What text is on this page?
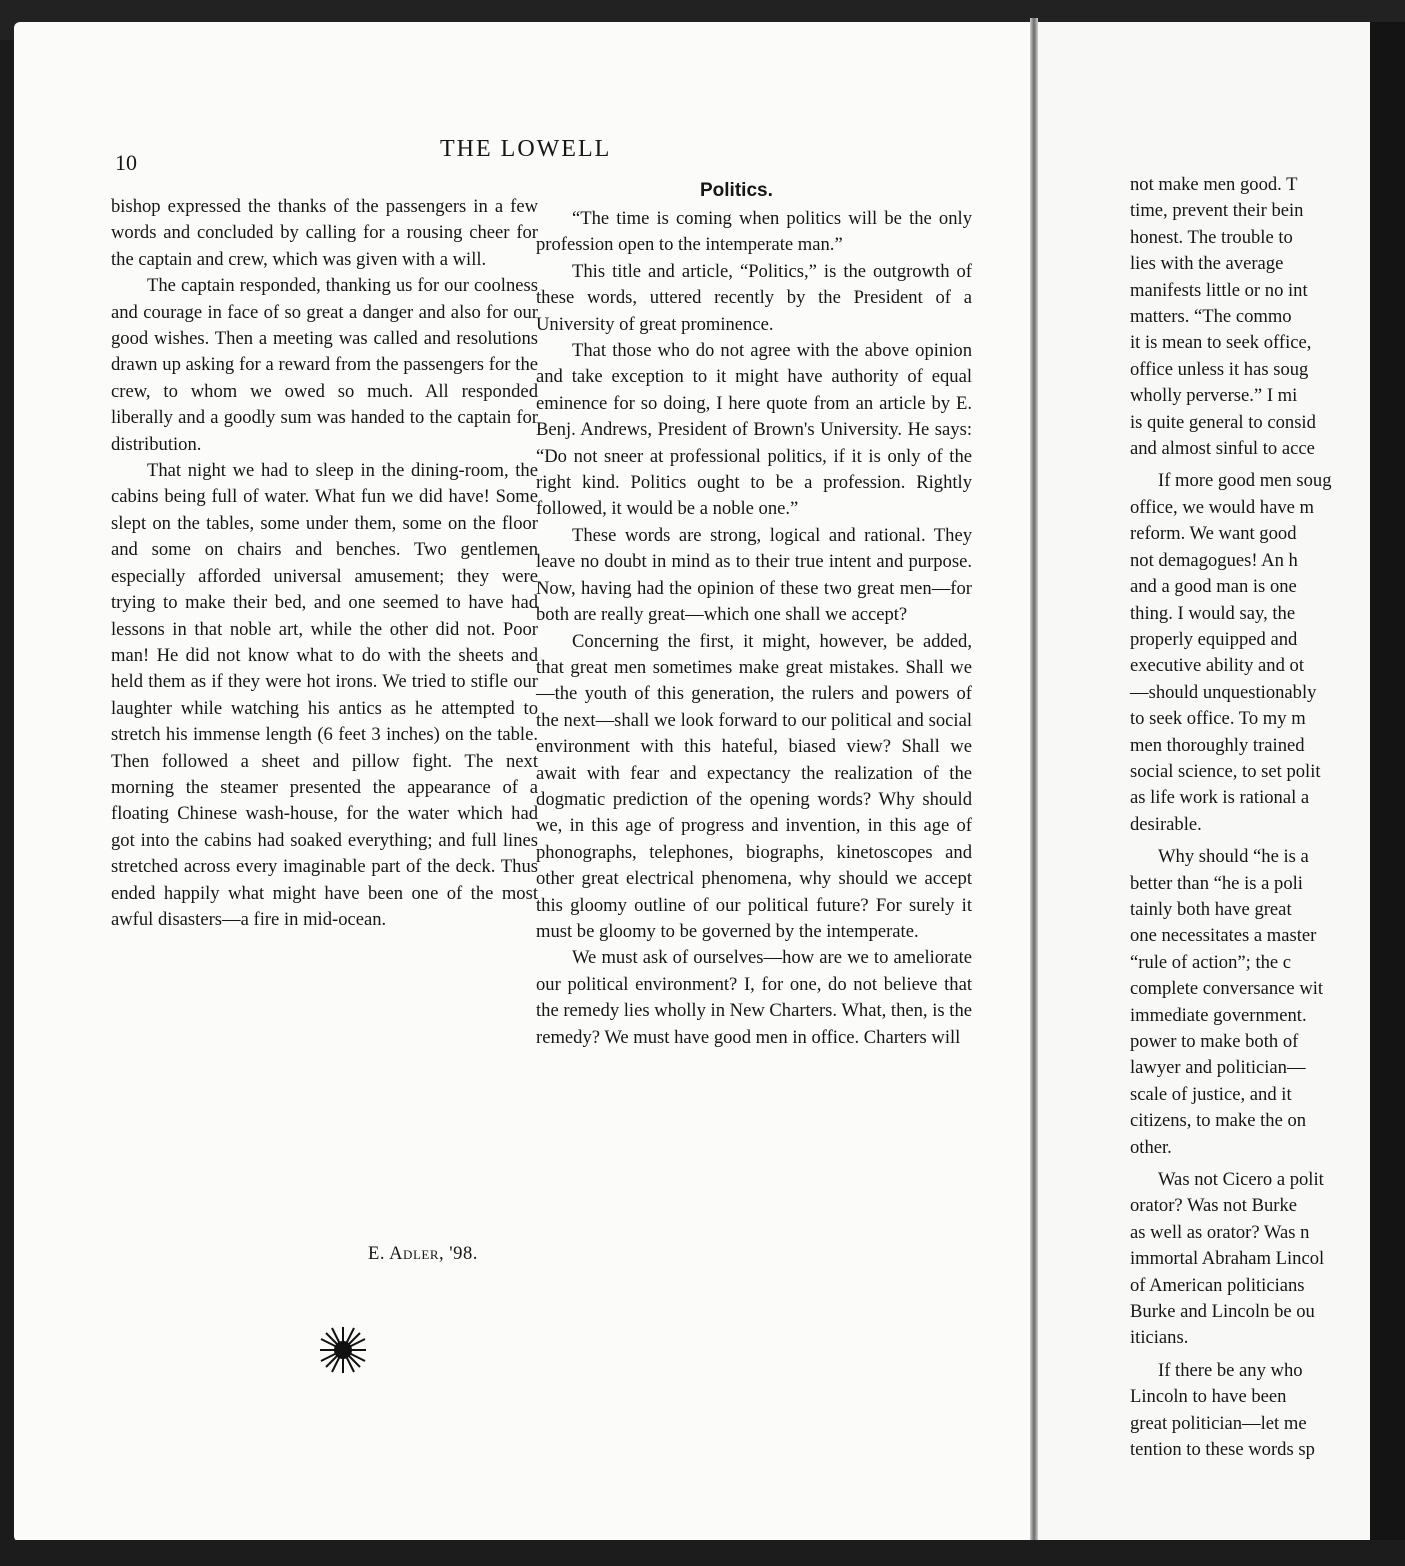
10
THE LOWELL

bishop expressed the thanks of the passengers in a few words and concluded by calling for a rousing cheer for the captain and crew, which was given with a will.

The captain responded, thanking us for our coolness and courage in face of so great a danger and also for our good wishes. Then a meeting was called and resolutions drawn up asking for a reward from the passengers for the crew, to whom we owed so much. All responded liberally and a goodly sum was handed to the captain for distribution.

That night we had to sleep in the dining-room, the cabins being full of water. What fun we did have! Some slept on the tables, some under them, some on the floor and some on chairs and benches. Two gentlemen especially afforded universal amusement; they were trying to make their bed, and one seemed to have had lessons in that noble art, while the other did not. Poor man! He did not know what to do with the sheets and held them as if they were hot irons. We tried to stifle our laughter while watching his antics as he attempted to stretch his immense length (6 feet 3 inches) on the table. Then followed a sheet and pillow fight. The next morning the steamer presented the appearance of a floating Chinese wash-house, for the water which had got into the cabins had soaked everything; and full lines stretched across every imaginable part of the deck. Thus ended happily what might have been one of the most awful disasters—a fire in mid-ocean.

E. Adler, '98.
Politics.

“The time is coming when politics will be the only profession open to the intemperate man.”

This title and article, “Politics,” is the outgrowth of these words, uttered recently by the President of a University of great prominence.

That those who do not agree with the above opinion and take exception to it might have authority of equal eminence for so doing, I here quote from an article by E. Benj. Andrews, President of Brown's University. He says: “Do not sneer at professional politics, if it is only of the right kind. Politics ought to be a profession. Rightly followed, it would be a noble one.”

These words are strong, logical and rational. They leave no doubt in mind as to their true intent and purpose. Now, having had the opinion of these two great men—for both are really great—which one shall we accept?

Concerning the first, it might, however, be added, that great men sometimes make great mistakes. Shall we—the youth of this generation, the rulers and powers of the next—shall we look forward to our political and social environment with this hateful, biased view? Shall we await with fear and expectancy the realization of the dogmatic prediction of the opening words? Why should we, in this age of progress and invention, in this age of phonographs, telephones, biographs, kinetoscopes and other great electrical phenomena, why should we accept this gloomy outline of our political future? For surely it must be gloomy to be governed by the intemperate.

We must ask of ourselves—how are we to ameliorate our political environment? I, for one, do not believe that the remedy lies wholly in New Charters. What, then, is the remedy? We must have good men in office. Charters will

not make men good. T

time, prevent their bein

honest. The trouble to

lies with the average

manifests little or no int

matters. “The commo

it is mean to seek office,

office unless it has soug

wholly perverse.” I mi

is quite general to consid

and almost sinful to acce

If more good men soug

office, we would have m

reform. We want good

not demagogues! An h

and a good man is one

thing. I would say, the

properly equipped and

executive ability and ot

—should unquestionably

to seek office. To my m

men thoroughly trained

social science, to set polit

as life work is rational a

desirable.

Why should “he is a

better than “he is a poli

tainly both have great

one necessitates a master

“rule of action”; the c

complete conversance wit

immediate government.

power to make both of

lawyer and politician—

scale of justice, and it

citizens, to make the on

other.

Was not Cicero a polit

orator? Was not Burke

as well as orator? Was n

immortal Abraham Lincol

of American politicians

Burke and Lincoln be ou

iticians.

If there be any who

Lincoln to have been

great politician—let me

tention to these words sp
